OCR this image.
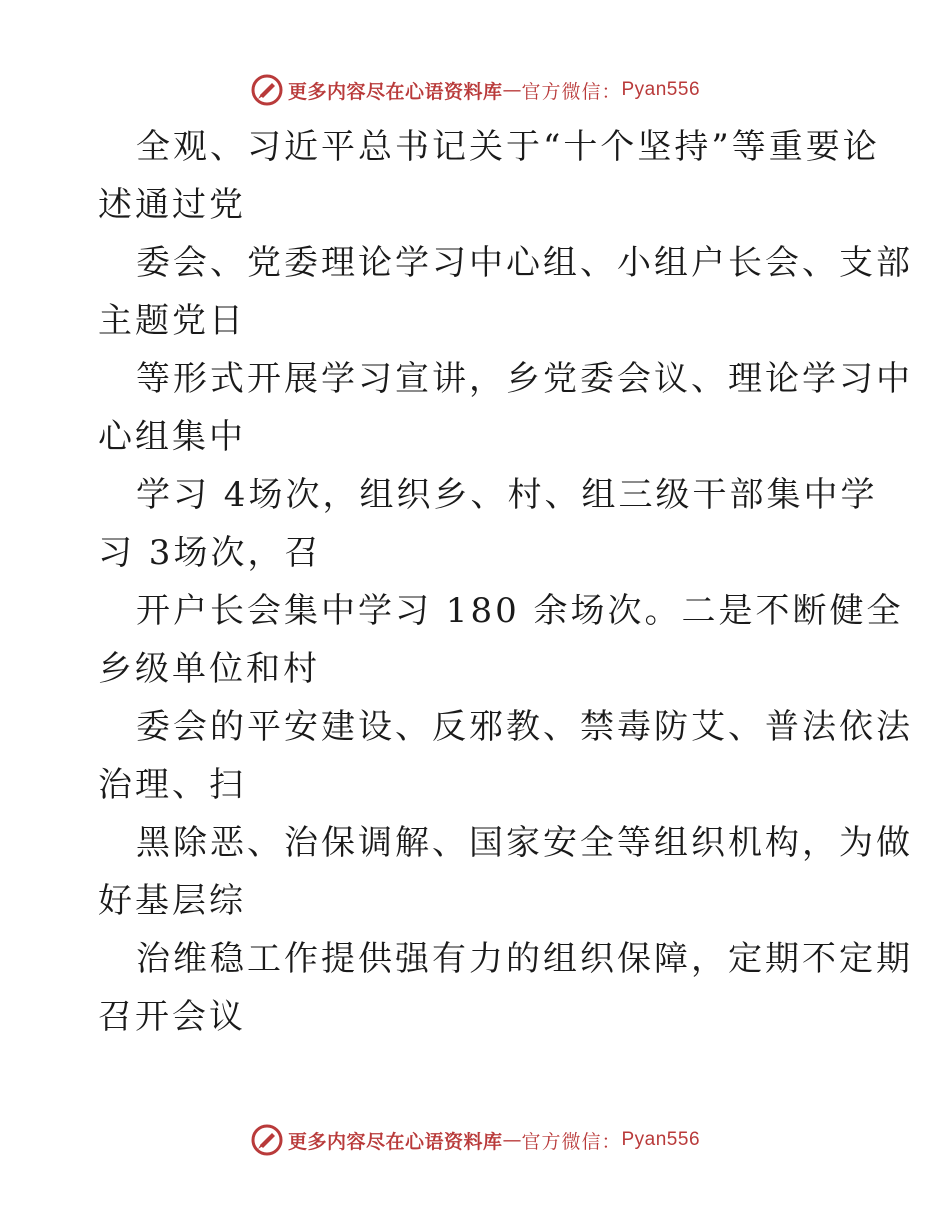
更多内容尽在心语资料库 — 官方微信： Pyan556
全观、习近平总书记关于“十个坚持”等重要论
述通过党
委会、党委理论学习中心组、小组户长会、支部
主题党日
等形式开展学习宣讲，乡党委会议、理论学习中
心组集中
学习 4场次，组织乡、村、组三级干部集中学
习 3场次，召
开户长会集中学习 180 余场次。二是不断健全
乡级单位和村
委会的平安建设、反邪教、禁毒防艾、普法依法
治理、扫
黑除恶、治保调解、国家安全等组织机构，为做
好基层综
治维稳工作提供强有力的组织保障，定期不定期
召开会议
更多内容尽在心语资料库 — 官方微信： Pyan556
